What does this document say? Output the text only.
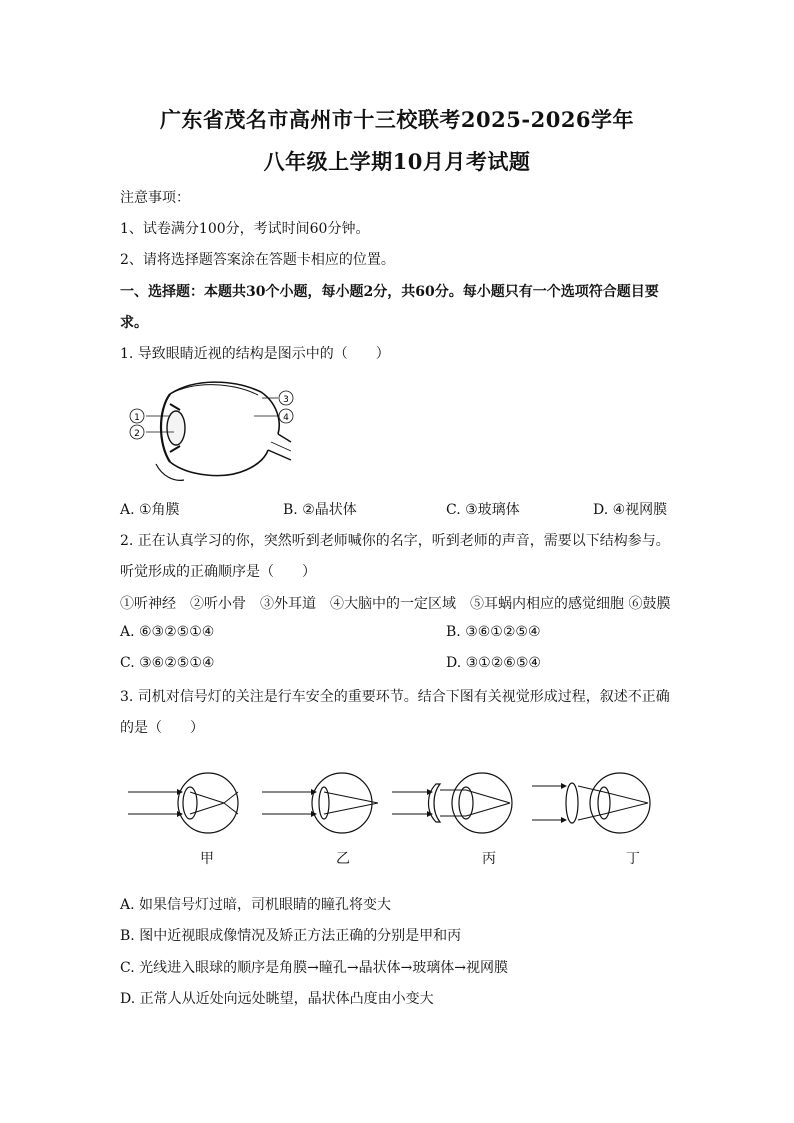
广东省茂名市高州市十三校联考2025-2026学年
八年级上学期10月月考试题
注意事项：
1、试卷满分100分，考试时间60分钟。
2、请将选择题答案涂在答题卡相应的位置。
一、选择题：本题共30个小题，每小题2分，共60分。每小题只有一个选项符合题目要
求。
1. 导致眼睛近视的结构是图示中的（　　）
1
2
3
4
A. ①角膜	B. ②晶状体	C. ③玻璃体	D. ④视网膜
2. 正在认真学习的你，突然听到老师喊你的名字，听到老师的声音，需要以下结构参与。
听觉形成的正确顺序是（　　）
①听神经　②听小骨　③外耳道　④大脑中的一定区域　⑤耳蜗内相应的感觉细胞 ⑥鼓膜
A. ⑥③②⑤①④	B. ③⑥①②⑤④
C. ③⑥②⑤①④	D. ③①②⑥⑤④
3. 司机对信号灯的关注是行车安全的重要环节。结合下图有关视觉形成过程，叙述不正确
的是（　　）
甲	乙	丙	丁
A. 如果信号灯过暗，司机眼睛的瞳孔将变大
B. 图中近视眼成像情况及矫正方法正确的分别是甲和丙
C. 光线进入眼球的顺序是角膜→瞳孔→晶状体→玻璃体→视网膜
D. 正常人从近处向远处眺望，晶状体凸度由小变大
